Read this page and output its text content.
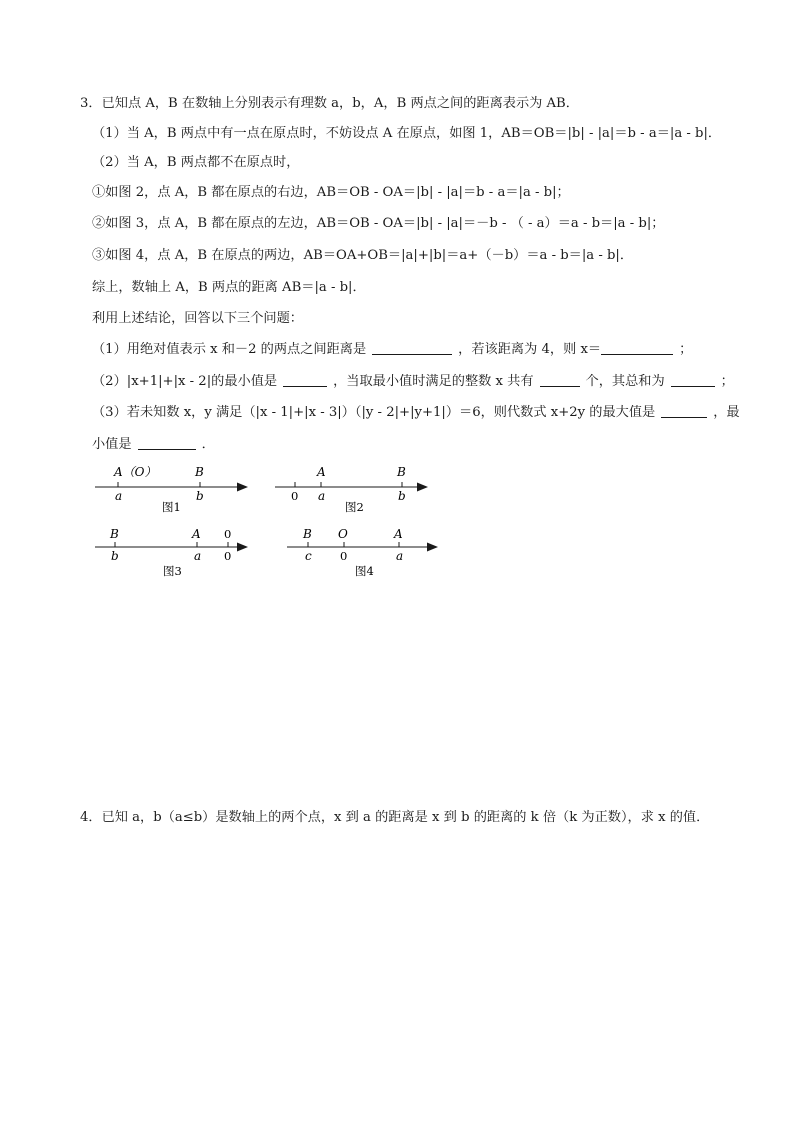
3．已知点 A，B 在数轴上分别表示有理数 a，b，A，B 两点之间的距离表示为 AB．
（1）当 A，B 两点中有一点在原点时，不妨设点 A 在原点，如图 1，AB＝OB＝|b| - |a|＝b - a＝|a - b|．
（2）当 A，B 两点都不在原点时，
①如图 2，点 A，B 都在原点的右边，AB＝OB - OA＝|b| - |a|＝b - a＝|a - b|；
②如图 3，点 A，B 都在原点的左边，AB＝OB - OA＝|b| - |a|＝－b - （ - a）＝a - b＝|a - b|；
③如图 4，点 A，B 在原点的两边，AB＝OA+OB＝|a|+|b|＝a+（－b）＝a - b＝|a - b|．
综上，数轴上 A，B 两点的距离 AB＝|a - b|．
利用上述结论，回答以下三个问题：
（1）用绝对值表示 x 和－2 的两点之间距离是	，若该距离为 4，则 x＝	；
（2）|x+1|+|x - 2|的最小值是	，当取最小值时满足的整数 x 共有	个，其总和为	；
（3）若未知数 x，y 满足（|x - 1|+|x - 3|）（|y - 2|+|y+1|）＝6，则代数式 x+2y 的最大值是	，最
小值是	．
A（O）	B
a	b
图1
A	B
0 a	b
图2
B	A 0
b	a 0
图3
B O	A
c 0	a
图4
4．已知 a，b（a≤b）是数轴上的两个点，x 到 a 的距离是 x 到 b 的距离的 k 倍（k 为正数），求 x 的值．
